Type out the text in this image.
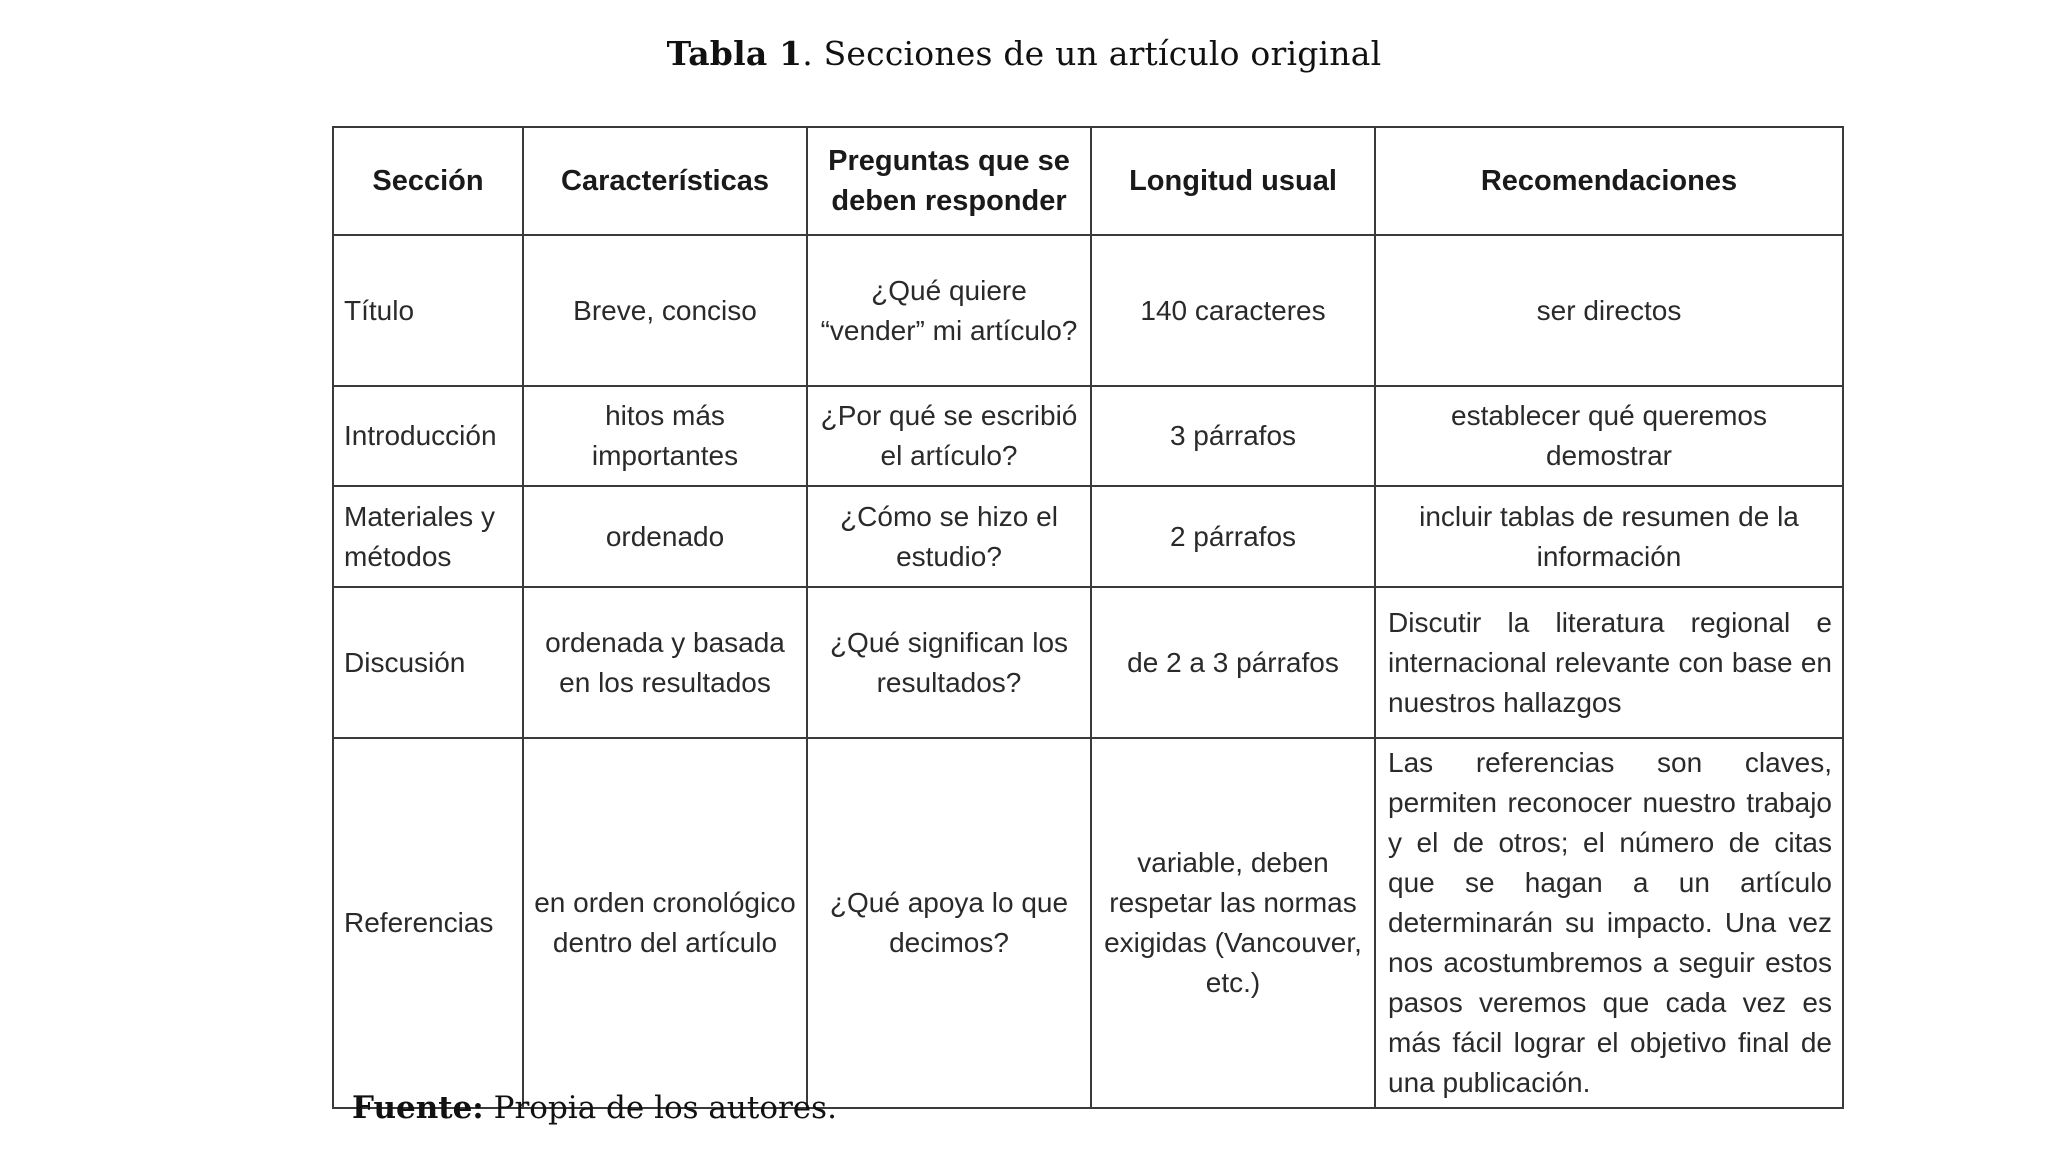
Tabla 1. Secciones de un artículo original
Sección	Características	Preguntas que se deben responder	Longitud usual	Recomendaciones
Título	Breve, conciso	¿Qué quiere “vender” mi artículo?	140 caracteres	ser directos
Introducción	hitos más importantes	¿Por qué se escribió el artículo?	3 párrafos	establecer qué queremos demostrar
Materiales y métodos	ordenado	¿Cómo se hizo el estudio?	2 párrafos	incluir tablas de resumen de la información
Discusión	ordenada y basada en los resultados	¿Qué significan los resultados?	de 2 a 3 párrafos	Discutir la literatura regional e internacional relevante con base en nuestros hallazgos
Referencias	en orden cronológico dentro del artículo	¿Qué apoya lo que decimos?	variable, deben respetar las normas exigidas (Vancouver, etc.)	Las referencias son claves, permiten reconocer nuestro trabajo y el de otros; el número de citas que se hagan a un artículo determinarán su impacto. Una vez nos acostumbremos a seguir estos pasos veremos que cada vez es más fácil lograr el objetivo final de una publicación.
Fuente: Propia de los autores.
